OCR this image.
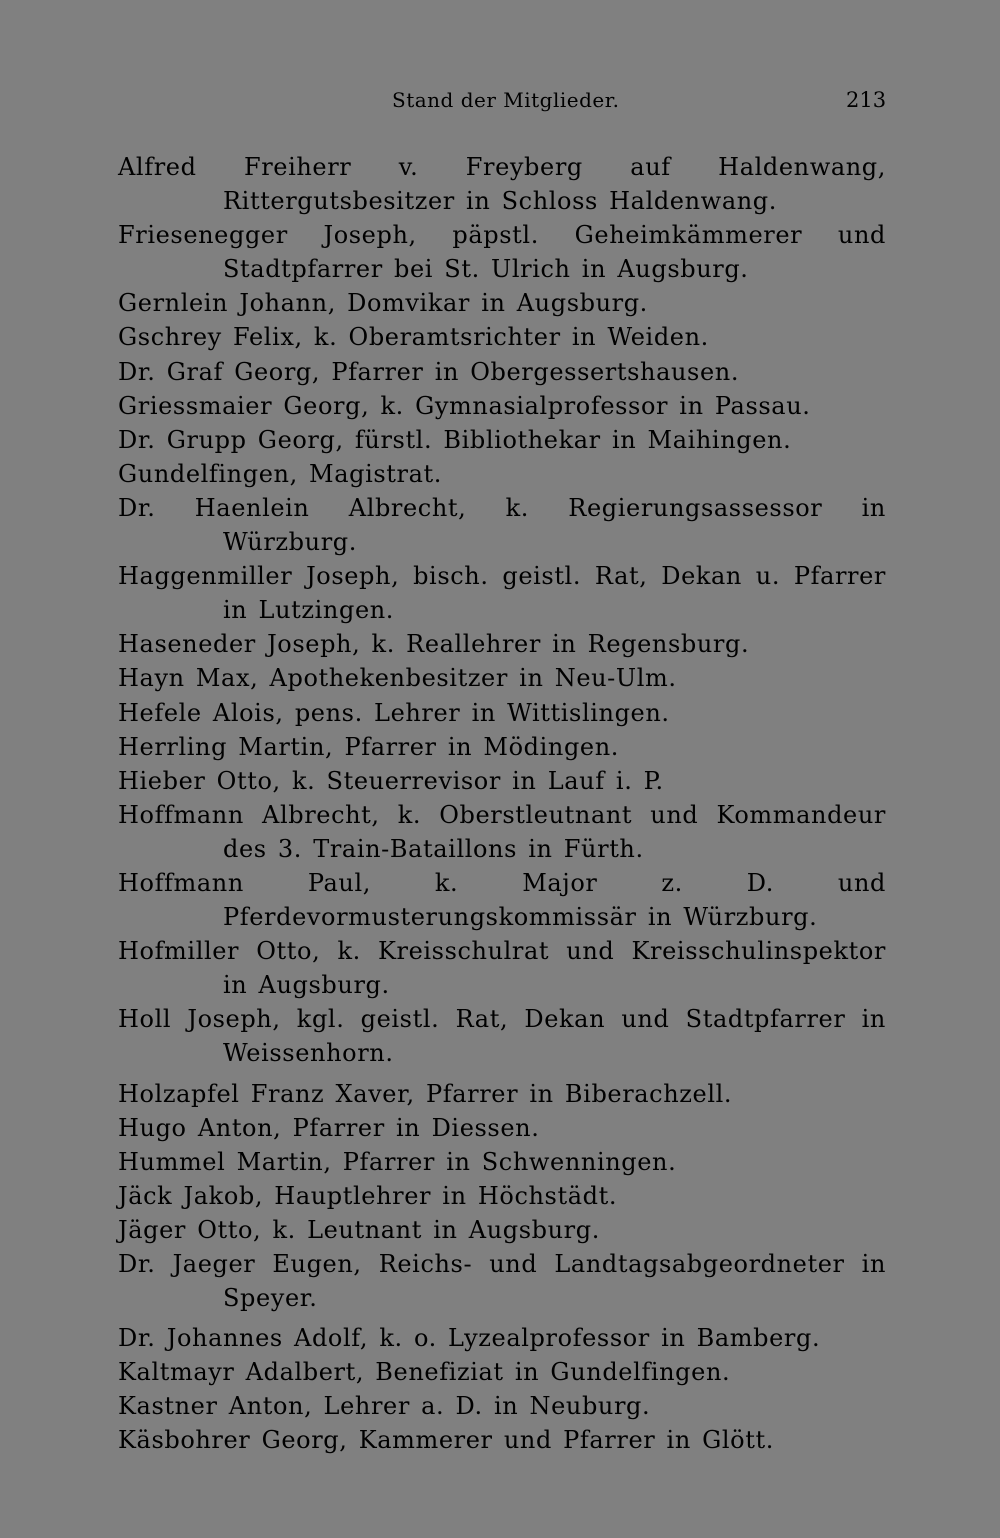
Stand der Mitglieder.	213

Alfred Freiherr v. Freyberg auf Haldenwang, Rittergutsbesitzer in Schloss Haldenwang.

Friesenegger Joseph, päpstl. Geheimkämmerer und Stadtpfarrer bei St. Ulrich in Augsburg.

Gernlein Johann, Domvikar in Augsburg.

Gschrey Felix, k. Oberamtsrichter in Weiden.

Dr. Graf Georg, Pfarrer in Obergessertshausen.

Griessmaier Georg, k. Gymnasialprofessor in Passau.

Dr. Grupp Georg, fürstl. Bibliothekar in Maihingen.

Gundelfingen, Magistrat.

Dr. Haenlein Albrecht, k. Regierungsassessor in Würzburg.

Haggenmiller Joseph, bisch. geistl. Rat, Dekan u. Pfarrer in Lutzingen.

Haseneder Joseph, k. Reallehrer in Regensburg.

Hayn Max, Apothekenbesitzer in Neu-Ulm.

Hefele Alois, pens. Lehrer in Wittislingen.

Herrling Martin, Pfarrer in Mödingen.

Hieber Otto, k. Steuerrevisor in Lauf i. P.

Hoffmann Albrecht, k. Oberstleutnant und Kommandeur des 3. Train-Bataillons in Fürth.

Hoffmann Paul, k. Major z. D. und Pferdevormusterungskommissär in Würzburg.

Hofmiller Otto, k. Kreisschulrat und Kreisschulinspektor in Augsburg.

Holl Joseph, kgl. geistl. Rat, Dekan und Stadtpfarrer in Weissenhorn.

Holzapfel Franz Xaver, Pfarrer in Biberachzell.

Hugo Anton, Pfarrer in Diessen.

Hummel Martin, Pfarrer in Schwenningen.

Jäck Jakob, Hauptlehrer in Höchstädt.

Jäger Otto, k. Leutnant in Augsburg.

Dr. Jaeger Eugen, Reichs- und Landtagsabgeordneter in Speyer.

Dr. Johannes Adolf, k. o. Lyzealprofessor in Bamberg.

Kaltmayr Adalbert, Benefiziat in Gundelfingen.

Kastner Anton, Lehrer a. D. in Neuburg.

Käsbohrer Georg, Kammerer und Pfarrer in Glött.
